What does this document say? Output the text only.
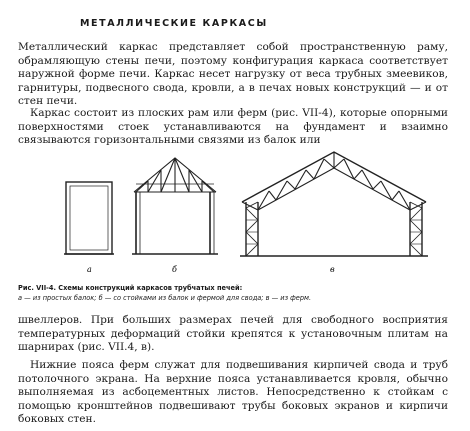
МЕТАЛЛИЧЕСКИЕ КАРКАСЫ

Металлический каркас представляет собой пространственную раму, обрамляющую стены печи, поэтому конфигурация каркаса соответствует наружной форме печи. Каркас несет нагрузку от веса трубных змеевиков, гарнитуры, подвесного свода, кровли, а в печах новых конструкций — и от стен печи.

Каркас состоит из плоских рам или ферм (рис. VII-4), которые опорными поверхностями стоек устанавливаются на фундамент и взаимно связываются горизонтальными связями из балок или

а	б	в
Рис. VII-4. Схемы конструкций каркасов трубчатых печей:
а — из простых балок; б — со стойками из балок и фермой для свода; в — из ферм.

швеллеров. При больших размерах печей для свободного восприятия температурных деформаций стойки крепятся к установочным плитам на шарнирах (рис. VII.4, в).

Нижние пояса ферм служат для подвешивания кирпичей свода и труб потолочного экрана. На верхние пояса устанавливается кровля, обычно выполняемая из асбоцементных листов. Непосредственно к стойкам с помощью кронштейнов подвешивают трубы боковых экранов и кирпичи боковых стен.
